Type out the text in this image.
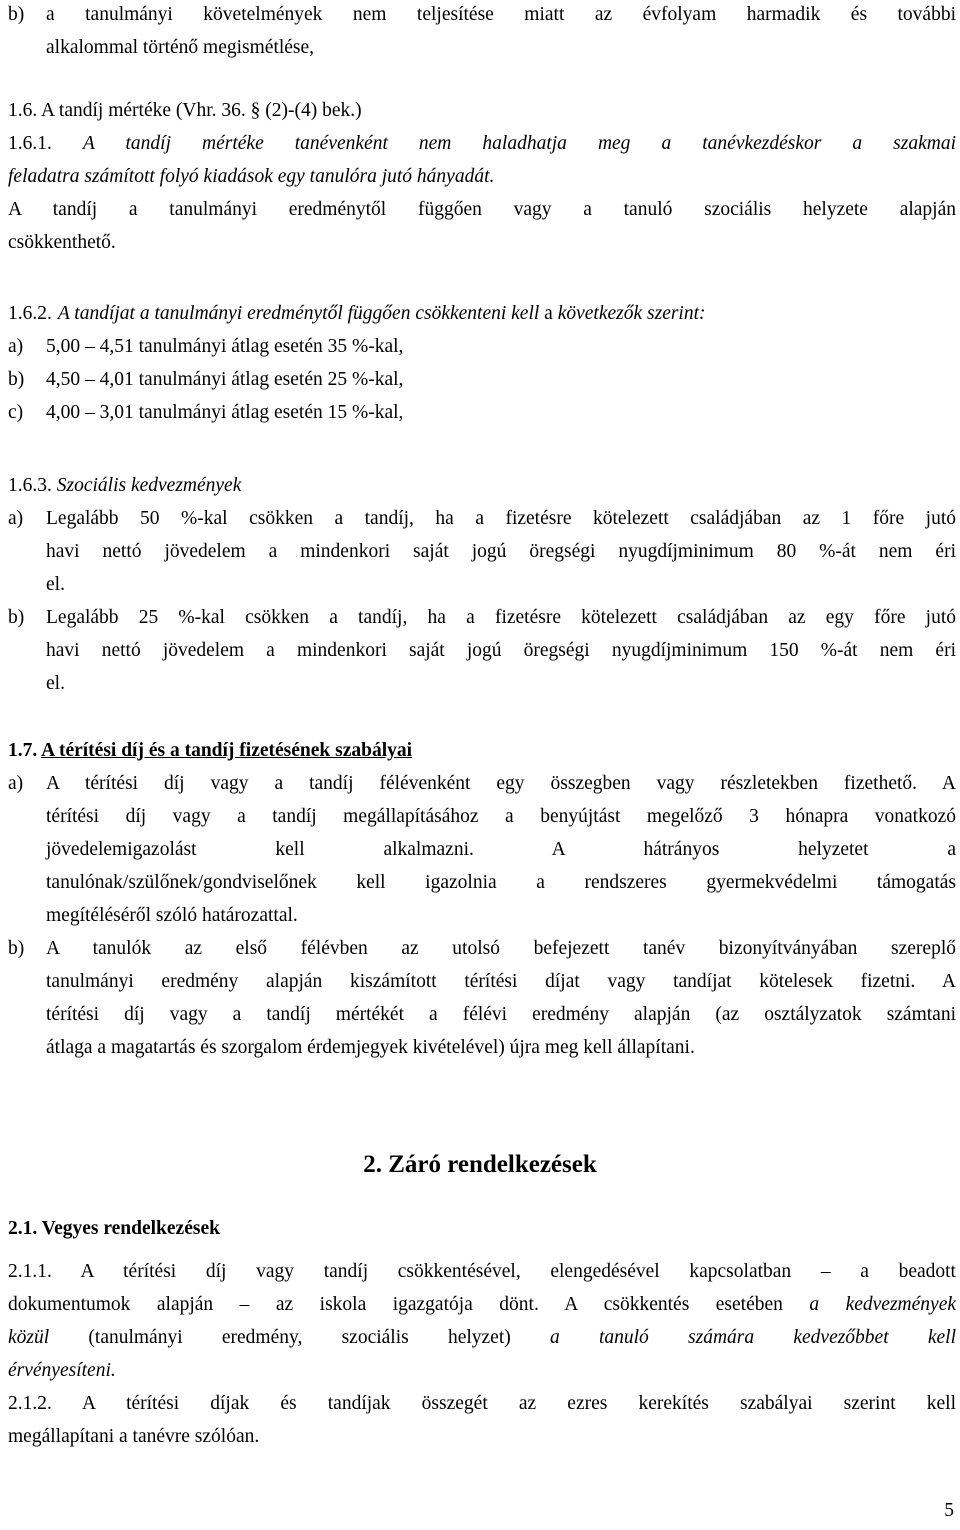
b) a tanulmányi követelmények nem teljesítése miatt az évfolyam harmadik és további
alkalommal történő megismétlése,
1.6. A tandíj mértéke (Vhr. 36. § (2)-(4) bek.)
1.6.1. A tandíj mértéke tanévenként nem haladhatja meg a tanévkezdéskor a szakmai
feladatra számított folyó kiadások egy tanulóra jutó hányadát.
A tandíj a tanulmányi eredménytől függően vagy a tanuló szociális helyzete alapján
csökkenthető.
1.6.2. A tandíjat a tanulmányi eredménytől függően csökkenteni kell a következők szerint:
a) 5,00 – 4,51 tanulmányi átlag esetén 35 %-kal,
b) 4,50 – 4,01 tanulmányi átlag esetén 25 %-kal,
c) 4,00 – 3,01 tanulmányi átlag esetén 15 %-kal,
1.6.3. Szociális kedvezmények
a) Legalább 50 %-kal csökken a tandíj, ha a fizetésre kötelezett családjában az 1 főre jutó
havi nettó jövedelem a mindenkori saját jogú öregségi nyugdíjminimum 80 %-át nem éri
el.
b) Legalább 25 %-kal csökken a tandíj, ha a fizetésre kötelezett családjában az egy főre jutó
havi nettó jövedelem a mindenkori saját jogú öregségi nyugdíjminimum 150 %-át nem éri
el.
1.7. A térítési díj és a tandíj fizetésének szabályai
a) A térítési díj vagy a tandíj félévenként egy összegben vagy részletekben fizethető. A
térítési díj vagy a tandíj megállapításához a benyújtást megelőző 3 hónapra vonatkozó
jövedelemigazolást kell alkalmazni. A hátrányos helyzetet a
tanulónak/szülőnek/gondviselőnek kell igazolnia a rendszeres gyermekvédelmi támogatás
megítéléséről szóló határozattal.
b) A tanulók az első félévben az utolsó befejezett tanév bizonyítványában szereplő
tanulmányi eredmény alapján kiszámított térítési díjat vagy tandíjat kötelesek fizetni. A
térítési díj vagy a tandíj mértékét a félévi eredmény alapján (az osztályzatok számtani
átlaga a magatartás és szorgalom érdemjegyek kivételével) újra meg kell állapítani.
2. Záró rendelkezések
2.1. Vegyes rendelkezések
2.1.1. A térítési díj vagy tandíj csökkentésével, elengedésével kapcsolatban – a beadott
dokumentumok alapján – az iskola igazgatója dönt. A csökkentés esetében a kedvezmények
közül (tanulmányi eredmény, szociális helyzet) a tanuló számára kedvezőbbet kell
érvényesíteni.
2.1.2. A térítési díjak és tandíjak összegét az ezres kerekítés szabályai szerint kell
megállapítani a tanévre szólóan.
5
